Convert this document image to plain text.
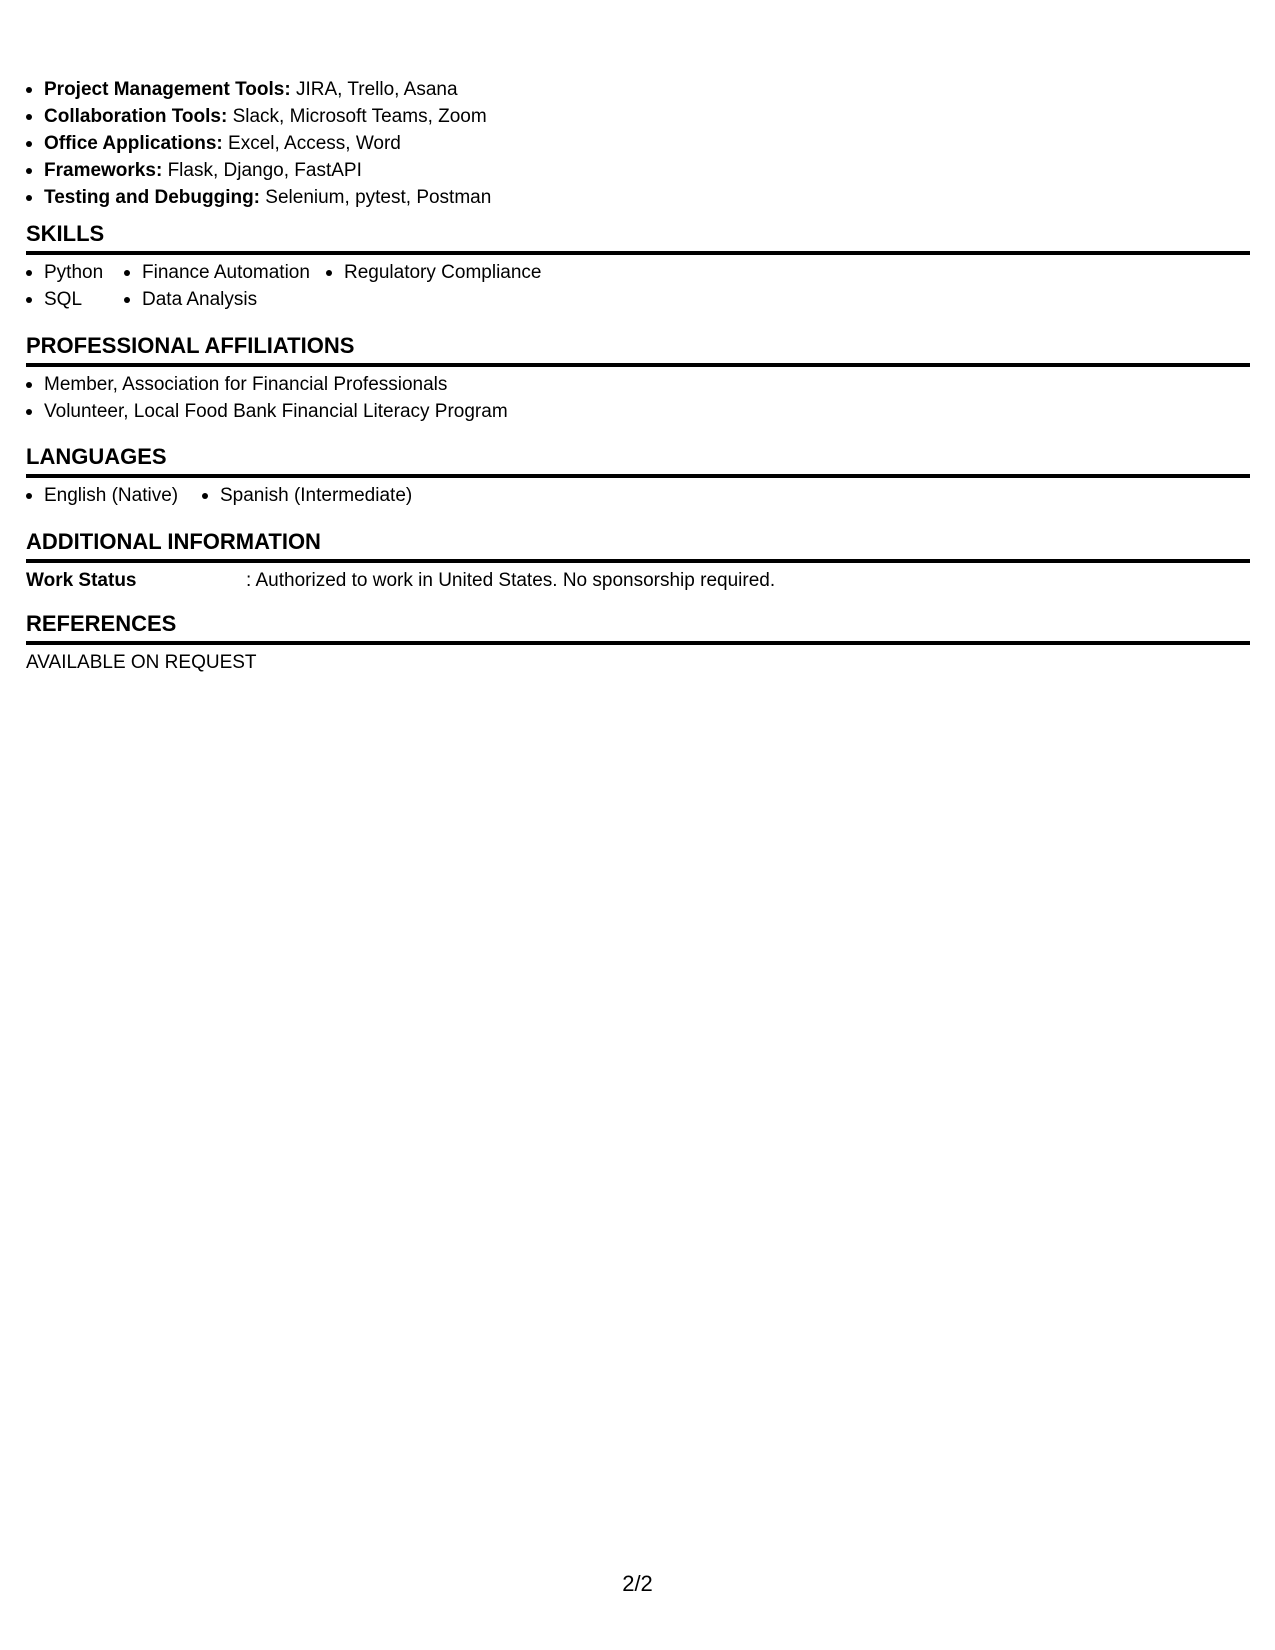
Project Management Tools: JIRA, Trello, Asana
Collaboration Tools: Slack, Microsoft Teams, Zoom
Office Applications: Excel, Access, Word
Frameworks: Flask, Django, FastAPI
Testing and Debugging: Selenium, pytest, Postman
SKILLS
Python	Finance Automation	Regulatory Compliance
SQL	Data Analysis
PROFESSIONAL AFFILIATIONS
Member, Association for Financial Professionals
Volunteer, Local Food Bank Financial Literacy Program
LANGUAGES
English (Native)	Spanish (Intermediate)
ADDITIONAL INFORMATION
Work Status	: Authorized to work in United States. No sponsorship required.
REFERENCES
AVAILABLE ON REQUEST
2/2
